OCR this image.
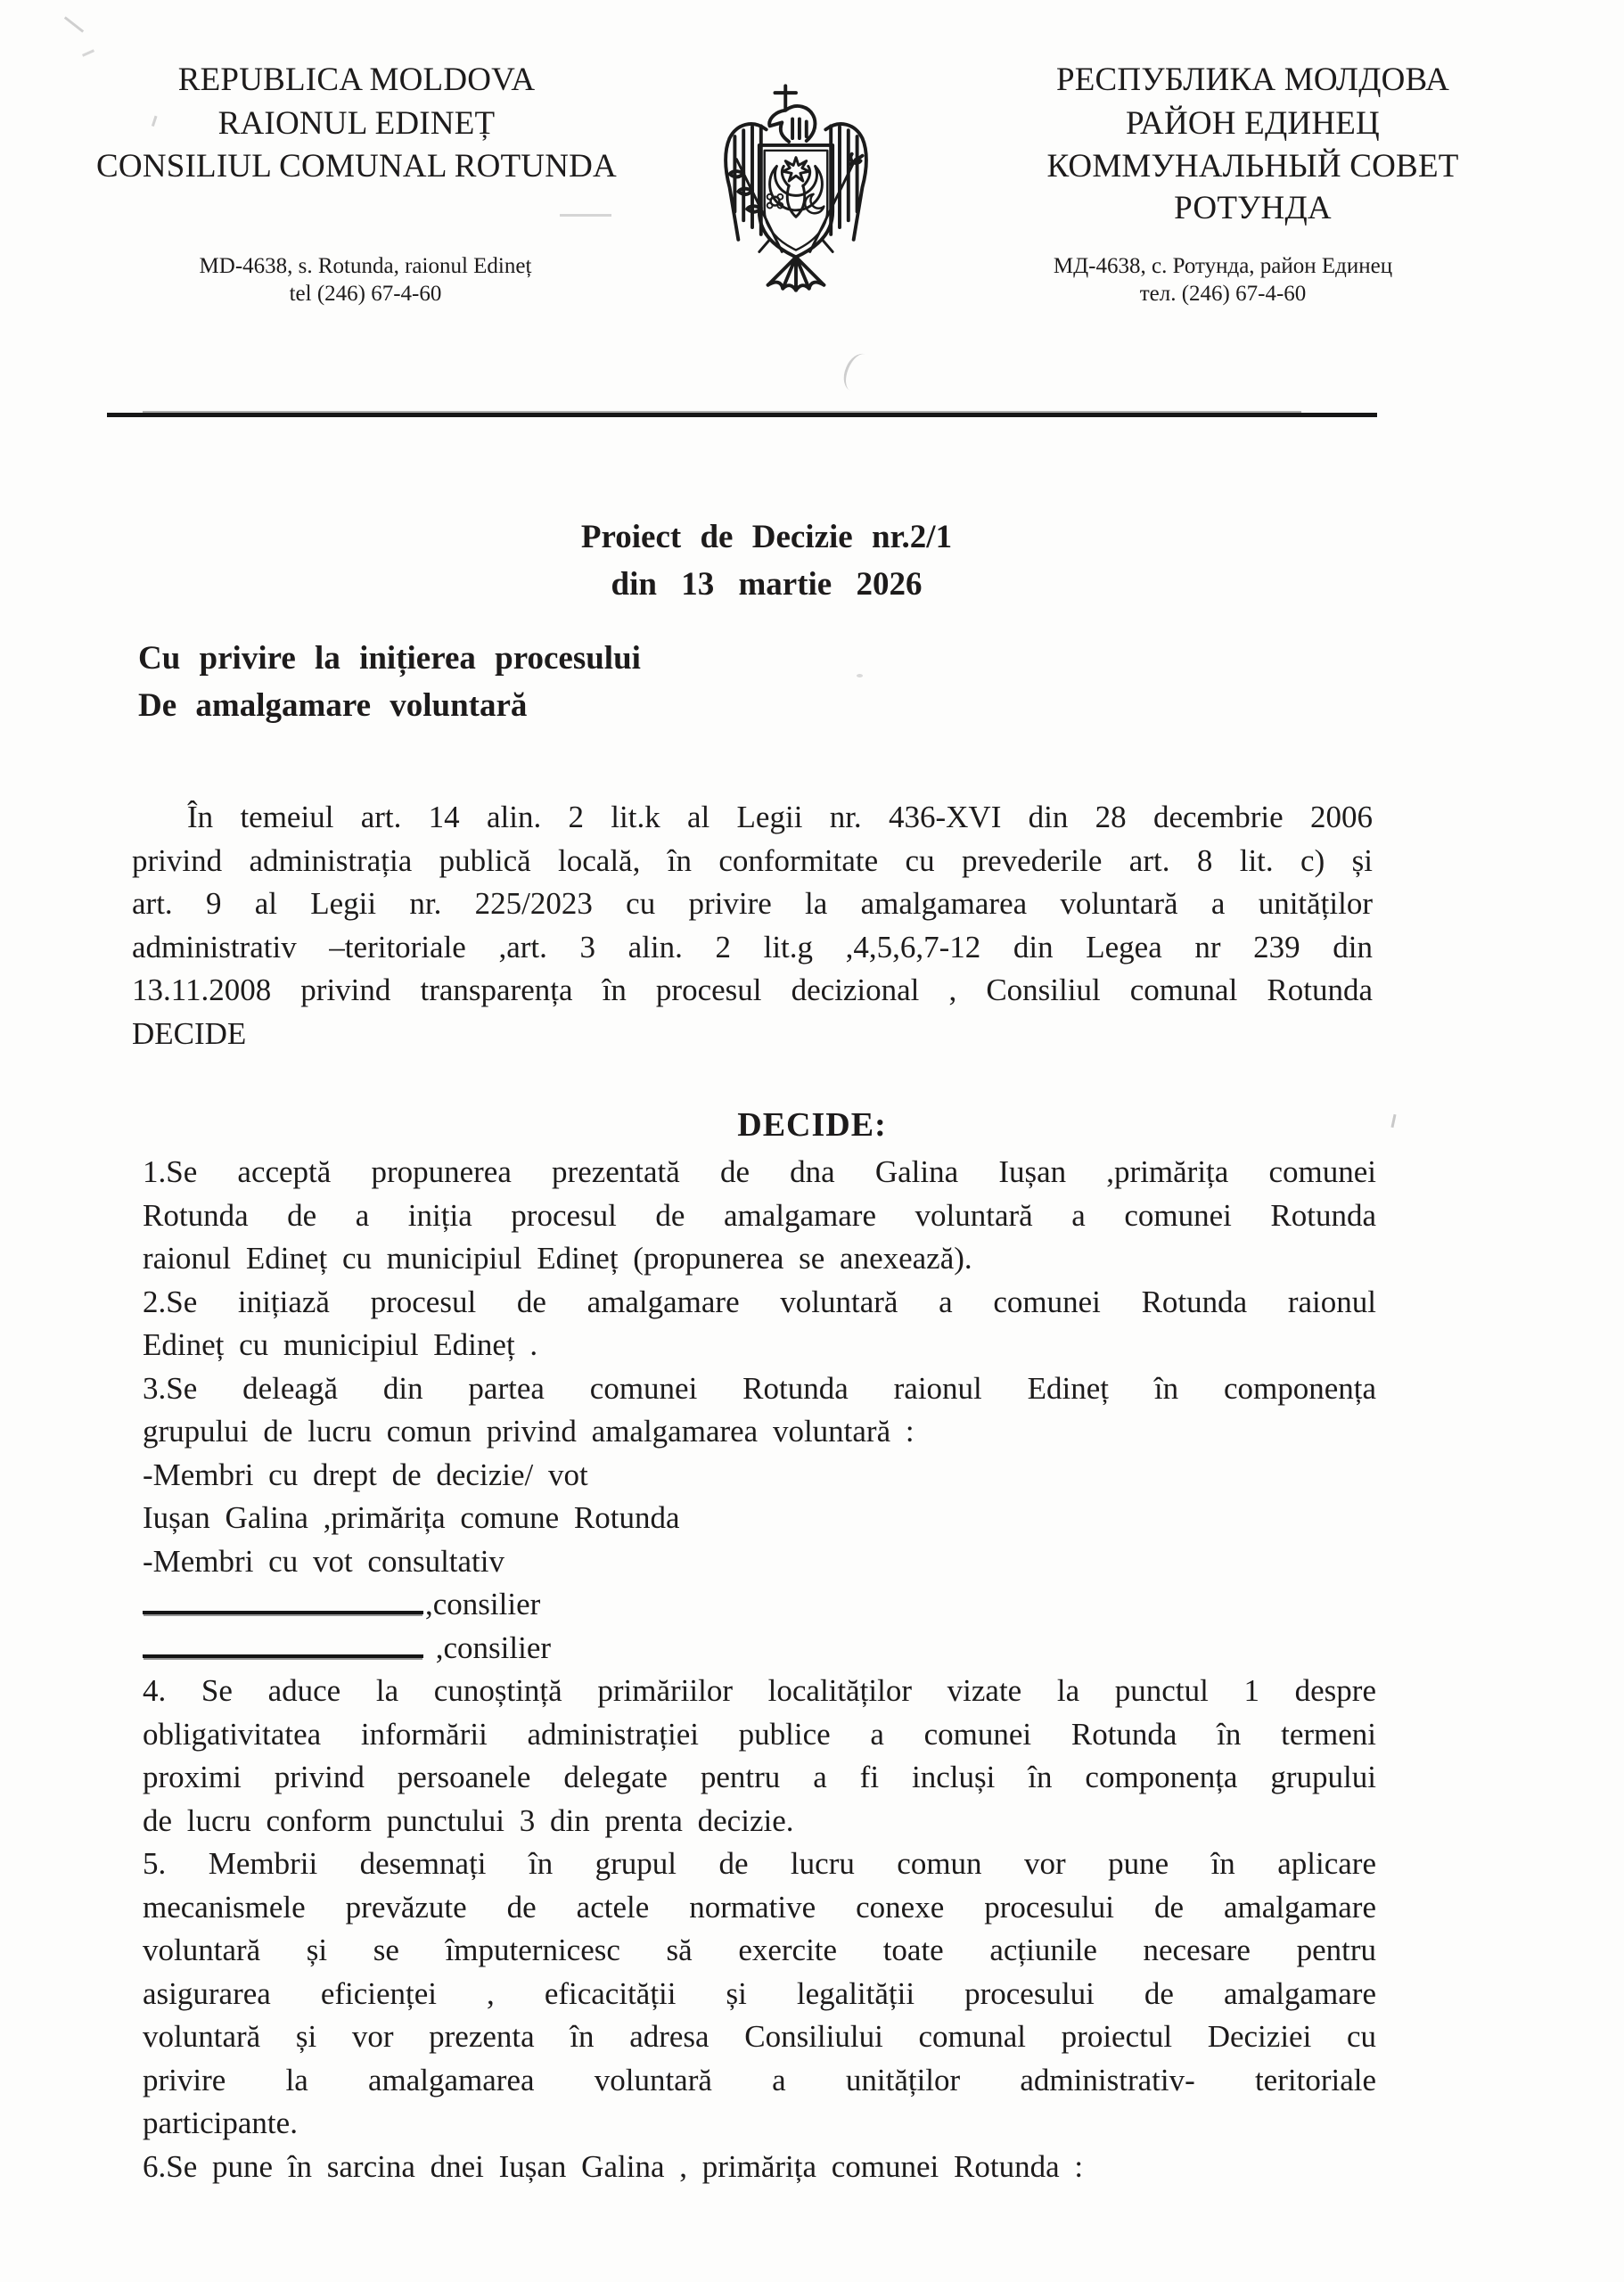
REPUBLICA MOLDOVA
RAIONUL EDINEȚ
CONSILIUL COMUNAL ROTUNDA
РЕСПУБЛИКА МОЛДОВА
РАЙОН ЕДИНЕЦ
КОММУНАЛЬНЫЙ СОВЕТ РОТУНДА
MD-4638, s. Rotunda, raionul Edineț
tel (246) 67-4-60
МД-4638, с. Ротунда, район Единец
тел. (246) 67-4-60
Proiect de Decizie nr.2/1
din 13 martie 2026
Cu privire la inițierea procesului
De amalgamare voluntară
În temeiul art. 14 alin. 2 lit.k al Legii nr. 436-XVI din 28 decembrie 2006
privind administrația publică locală, în conformitate cu prevederile art. 8 lit. c) și
art. 9 al Legii nr. 225/2023 cu privire la amalgamarea voluntară a unităților
administrativ –teritoriale ,art. 3 alin. 2 lit.g ,4,5,6,7-12 din Legea nr 239 din
13.11.2008 privind transparența în procesul decizional , Consiliul comunal Rotunda
DECIDE
DECIDE:
1.Se acceptă propunerea prezentată de dna Galina Iușan ,primărița comunei
Rotunda de a iniția procesul de amalgamare voluntară a comunei Rotunda
raionul Edineț cu municipiul Edineț (propunerea se anexează).
2.Se inițiază procesul de amalgamare voluntară a comunei Rotunda raionul
Edineț cu municipiul Edineț .
3.Se deleagă din partea comunei Rotunda raionul Edineț în componența
grupului de lucru comun privind amalgamarea voluntară :
-Membri cu drept de decizie/ vot
Iușan Galina ,primărița comune Rotunda
-Membri cu vot consultativ
,consilier
,consilier
4. Se aduce la cunoștință primăriilor localităților vizate la punctul 1 despre
obligativitatea informării administrației publice a comunei Rotunda în termeni
proximi privind persoanele delegate pentru a fi incluși în componența grupului
de lucru conform punctului 3 din prenta decizie.
5. Membrii desemnați în grupul de lucru comun vor pune în aplicare
mecanismele prevăzute de actele normative conexe procesului de amalgamare
voluntară și se împuternicesc să exercite toate acțiunile necesare pentru
asigurarea eficienței , eficacității și legalității procesului de amalgamare
voluntară și vor prezenta în adresa Consiliului comunal proiectul Deciziei cu
privire la amalgamarea voluntară a unităților administrativ- teritoriale
participante.
6.Se pune în sarcina dnei Iușan Galina , primărița comunei Rotunda :
